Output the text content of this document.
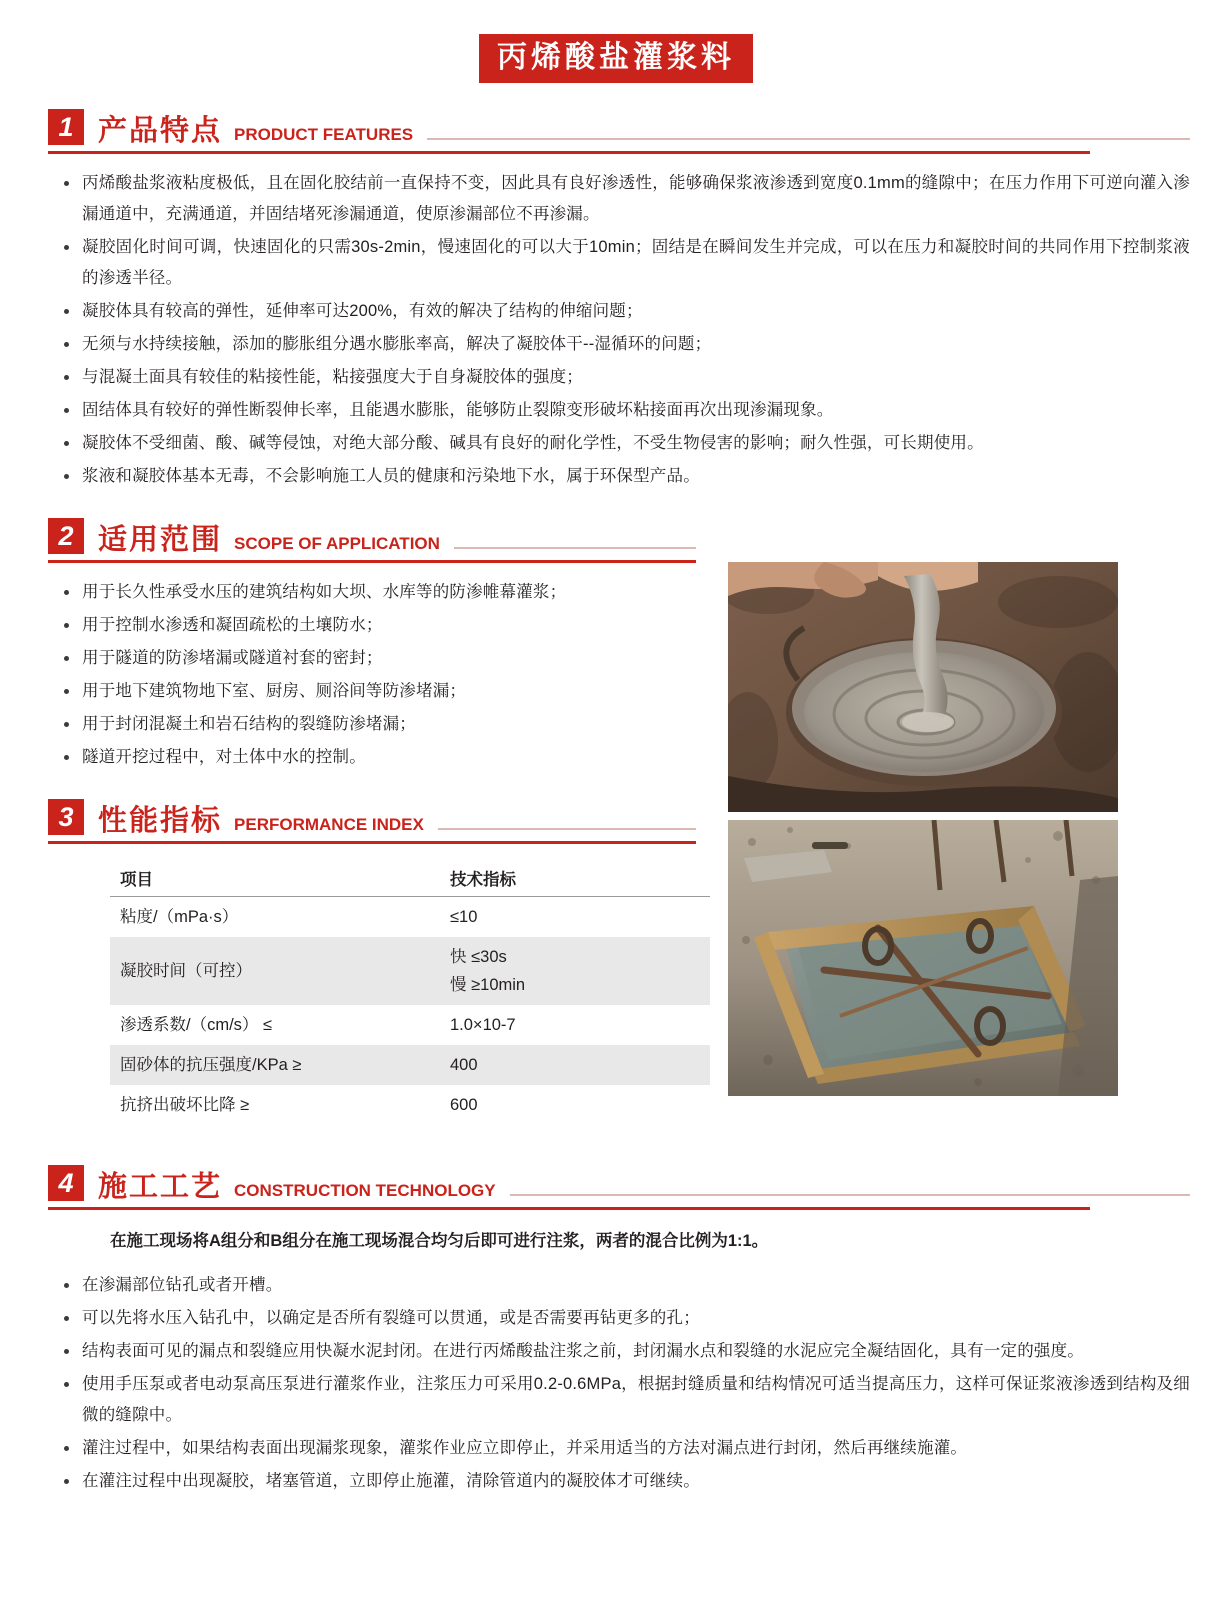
丙烯酸盐灌浆料
1 产品特点 PRODUCT FEATURES
丙烯酸盐浆液粘度极低，且在固化胶结前一直保持不变，因此具有良好渗透性，能够确保浆液渗透到宽度0.1mm的缝隙中；在压力作用下可逆向灌入渗漏通道中，充满通道，并固结堵死渗漏通道，使原渗漏部位不再渗漏。
凝胶固化时间可调，快速固化的只需30s-2min，慢速固化的可以大于10min；固结是在瞬间发生并完成，可以在压力和凝胶时间的共同作用下控制浆液的渗透半径。
凝胶体具有较高的弹性，延伸率可达200%，有效的解决了结构的伸缩问题；
无须与水持续接触，添加的膨胀组分遇水膨胀率高，解决了凝胶体干--湿循环的问题；
与混凝土面具有较佳的粘接性能，粘接强度大于自身凝胶体的强度；
固结体具有较好的弹性断裂伸长率，且能遇水膨胀，能够防止裂隙变形破坏粘接面再次出现渗漏现象。
凝胶体不受细菌、酸、碱等侵蚀，对绝大部分酸、碱具有良好的耐化学性，不受生物侵害的影响；耐久性强，可长期使用。
浆液和凝胶体基本无毒，不会影响施工人员的健康和污染地下水，属于环保型产品。
2 适用范围 SCOPE OF APPLICATION
用于长久性承受水压的建筑结构如大坝、水库等的防渗帷幕灌浆；
用于控制水渗透和凝固疏松的土壤防水；
用于隧道的防渗堵漏或隧道衬套的密封；
用于地下建筑物地下室、厨房、厕浴间等防渗堵漏；
用于封闭混凝土和岩石结构的裂缝防渗堵漏；
隧道开挖过程中，对土体中水的控制。
3 性能指标 PERFORMANCE INDEX
项目	技术指标
粘度/（mPa·s）	≤10
凝胶时间（可控）	快 ≤30s
慢 ≥10min

渗透系数/（cm/s） ≤	1.0×10-7
固砂体的抗压强度/KPa ≥	400
抗挤出破坏比降 ≥	600
4 施工工艺 CONSTRUCTION TECHNOLOGY
在施工现场将A组分和B组分在施工现场混合均匀后即可进行注浆，两者的混合比例为1:1。
在渗漏部位钻孔或者开槽。
可以先将水压入钻孔中，以确定是否所有裂缝可以贯通，或是否需要再钻更多的孔；
结构表面可见的漏点和裂缝应用快凝水泥封闭。在进行丙烯酸盐注浆之前，封闭漏水点和裂缝的水泥应完全凝结固化，具有一定的强度。
使用手压泵或者电动泵高压泵进行灌浆作业，注浆压力可采用0.2-0.6MPa，根据封缝质量和结构情况可适当提高压力，这样可保证浆液渗透到结构及细微的缝隙中。
灌注过程中，如果结构表面出现漏浆现象，灌浆作业应立即停止，并采用适当的方法对漏点进行封闭，然后再继续施灌。
在灌注过程中出现凝胶，堵塞管道，立即停止施灌，清除管道内的凝胶体才可继续。
